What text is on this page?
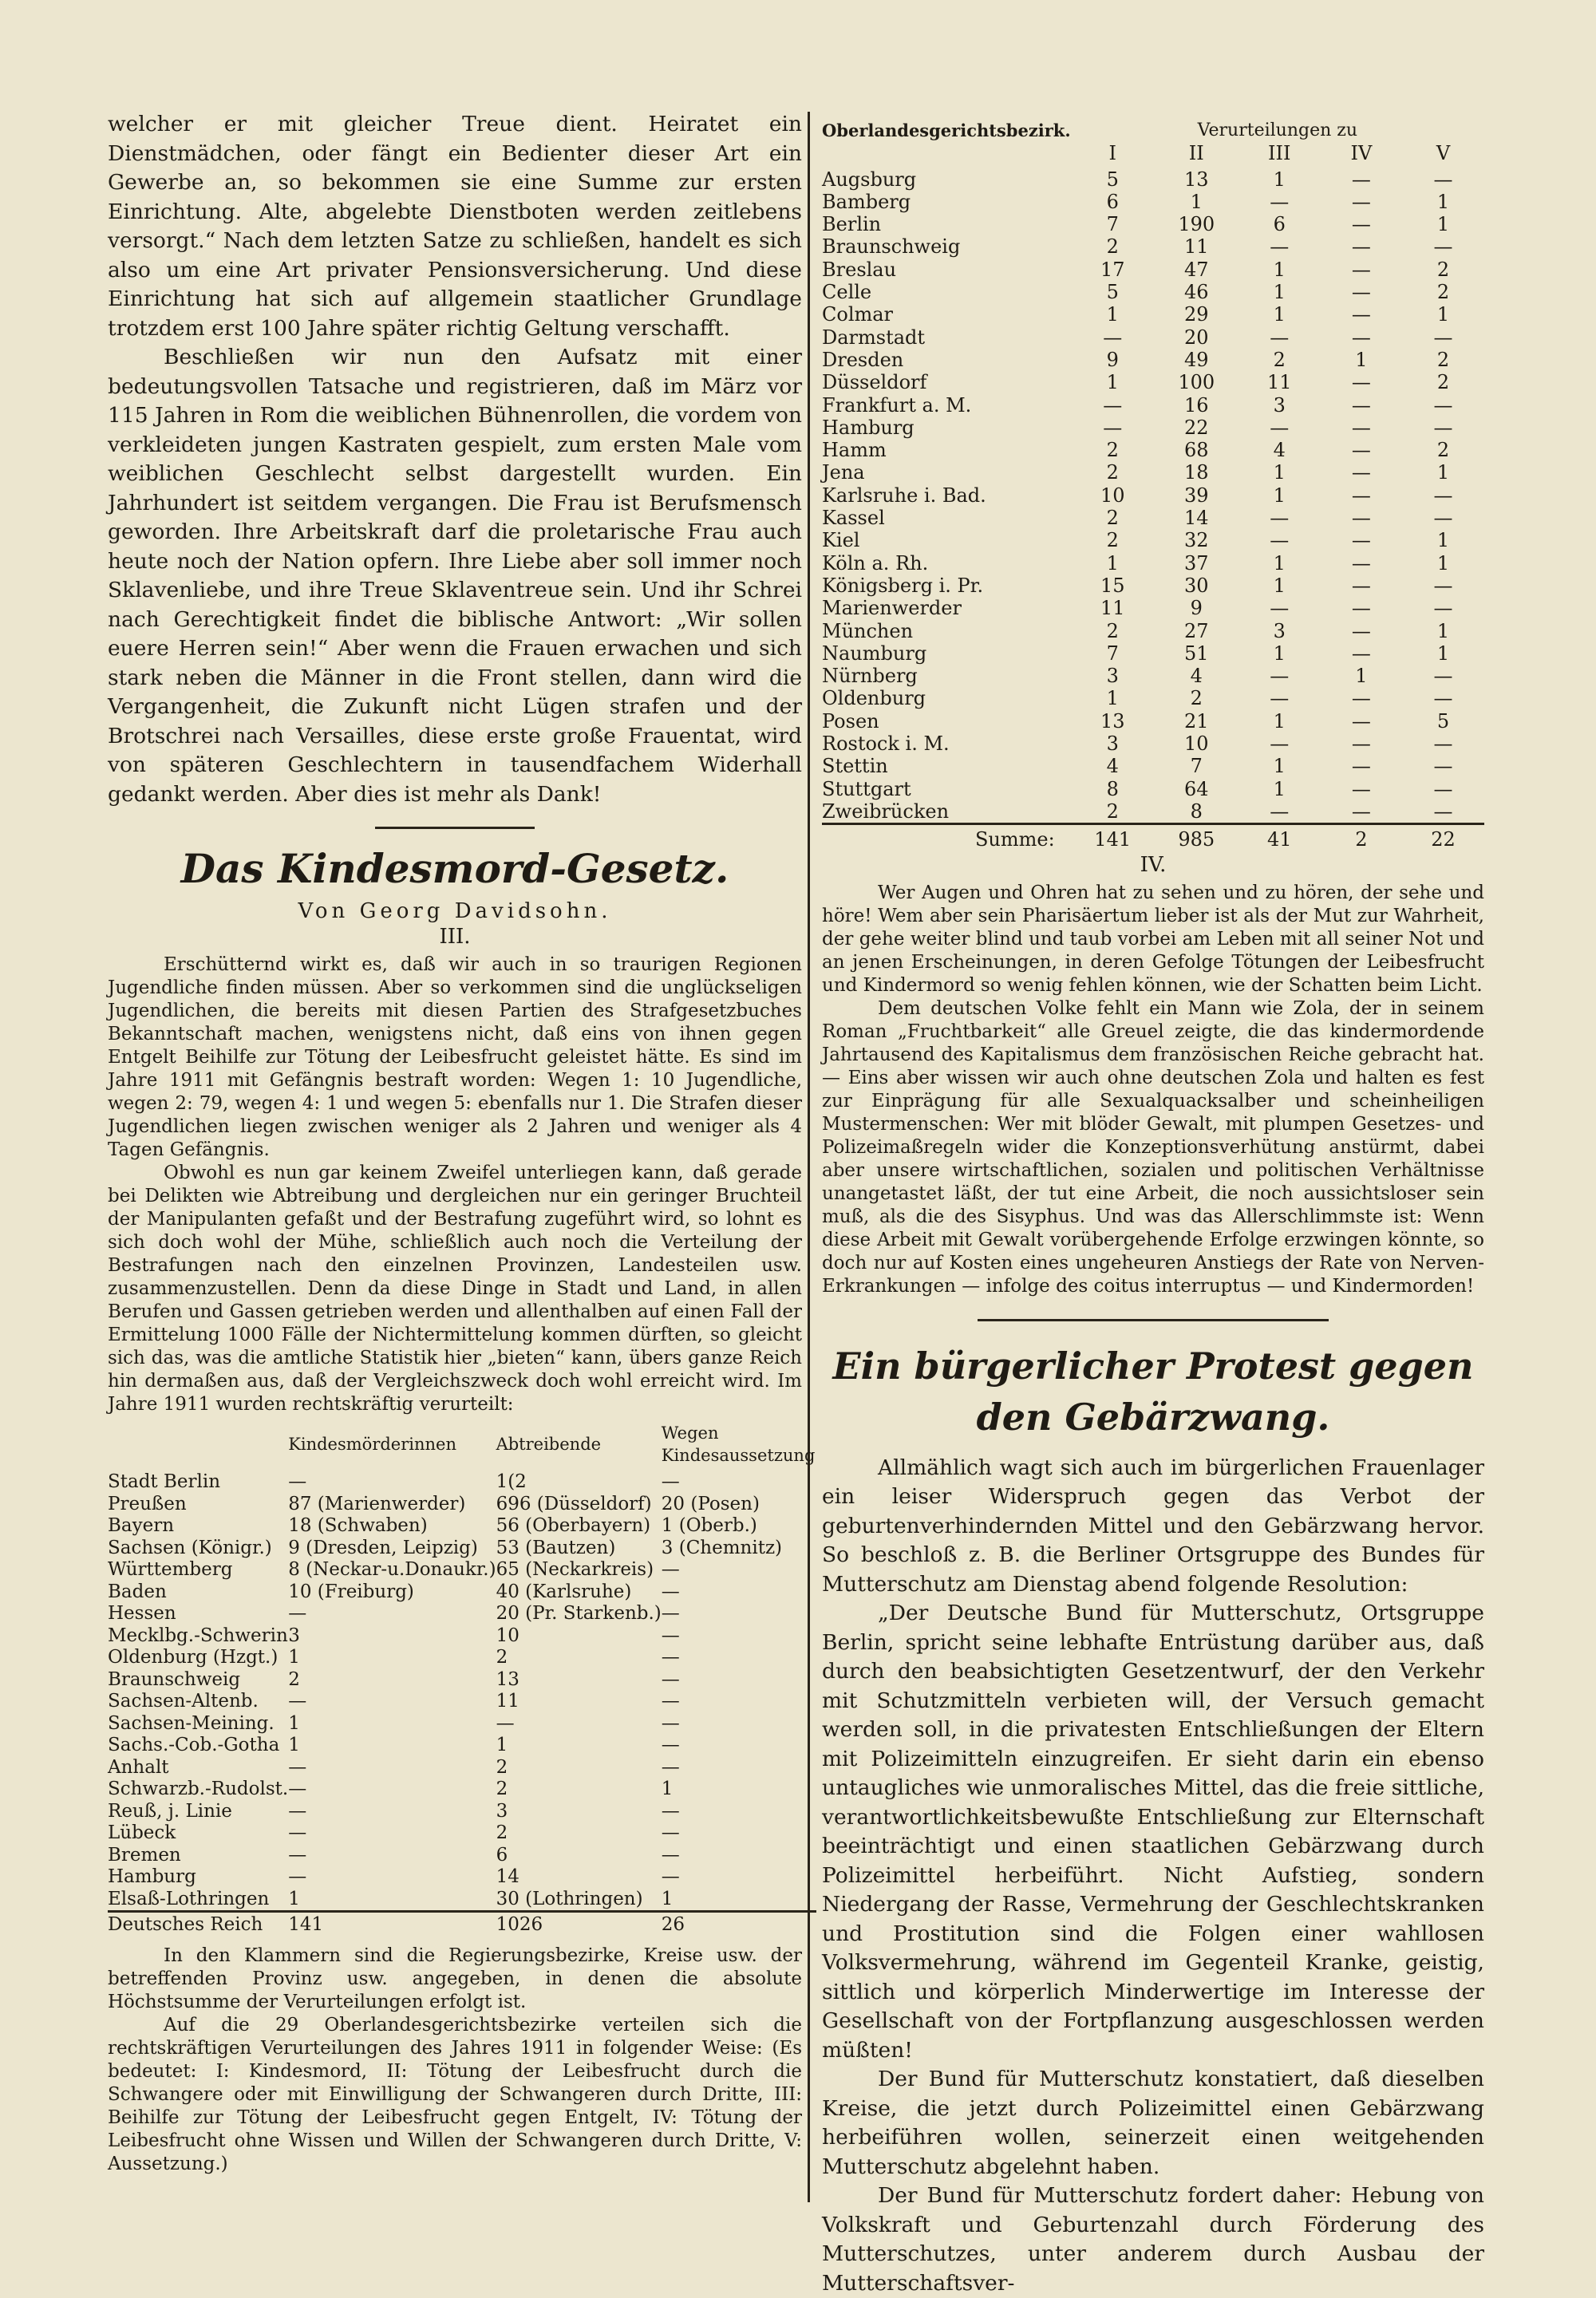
welcher er mit gleicher Treue dient. Heiratet ein Dienstmädchen, oder fängt ein Bedienter dieser Art ein Gewerbe an, so bekommen sie eine Summe zur ersten Einrichtung. Alte, abgelebte Dienstboten werden zeitlebens versorgt.“ Nach dem letzten Satze zu schließen, handelt es sich also um eine Art privater Pensionsversicherung. Und diese Einrichtung hat sich auf allgemein staatlicher Grundlage trotzdem erst 100 Jahre später richtig Geltung verschafft.

Beschließen wir nun den Aufsatz mit einer bedeutungsvollen Tatsache und registrieren, daß im März vor 115 Jahren in Rom die weiblichen Bühnenrollen, die vordem von verkleideten jungen Kastraten gespielt, zum ersten Male vom weiblichen Geschlecht selbst dargestellt wurden. Ein Jahrhundert ist seitdem vergangen. Die Frau ist Berufsmensch geworden. Ihre Arbeitskraft darf die proletarische Frau auch heute noch der Nation opfern. Ihre Liebe aber soll immer noch Sklavenliebe, und ihre Treue Sklaventreue sein. Und ihr Schrei nach Gerechtigkeit findet die biblische Antwort: „Wir sollen euere Herren sein!“ Aber wenn die Frauen erwachen und sich stark neben die Männer in die Front stellen, dann wird die Vergangenheit, die Zukunft nicht Lügen strafen und der Brotschrei nach Versailles, diese erste große Frauentat, wird von späteren Geschlechtern in tausendfachem Widerhall gedankt werden. Aber dies ist mehr als Dank!

Das Kindesmord-Gesetz.

Von Georg Davidsohn.

III.

Erschütternd wirkt es, daß wir auch in so traurigen Regionen Jugendliche finden müssen. Aber so verkommen sind die unglückseligen Jugendlichen, die bereits mit diesen Partien des Strafgesetzbuches Bekanntschaft machen, wenigstens nicht, daß eins von ihnen gegen Entgelt Beihilfe zur Tötung der Leibesfrucht geleistet hätte. Es sind im Jahre 1911 mit Gefängnis bestraft worden: Wegen 1: 10 Jugendliche, wegen 2: 79, wegen 4: 1 und wegen 5: ebenfalls nur 1. Die Strafen dieser Jugendlichen liegen zwischen weniger als 2 Jahren und weniger als 4 Tagen Gefängnis.

Obwohl es nun gar keinem Zweifel unterliegen kann, daß gerade bei Delikten wie Abtreibung und dergleichen nur ein geringer Bruchteil der Manipulanten gefaßt und der Bestrafung zugeführt wird, so lohnt es sich doch wohl der Mühe, schließlich auch noch die Verteilung der Bestrafungen nach den einzelnen Provinzen, Landesteilen usw. zusammenzustellen. Denn da diese Dinge in Stadt und Land, in allen Berufen und Gassen getrieben werden und allenthalben auf einen Fall der Ermittelung 1000 Fälle der Nichtermittelung kommen dürften, so gleicht sich das, was die amtliche Statistik hier „bieten“ kann, übers ganze Reich hin dermaßen aus, daß der Vergleichszweck doch wohl erreicht wird. Im Jahre 1911 wurden rechtskräftig verurteilt:

	Kindesmörderinnen	Abtreibende	Wegen Kindesaussetzung
Stadt Berlin	—	1(2	—
Preußen	87 (Marienwerder)	696 (Düsseldorf)	20 (Posen)
Bayern	18 (Schwaben)	56 (Oberbayern)	1 (Oberb.)
Sachsen (Königr.)	9 (Dresden, Leipzig)	53 (Bautzen)	3 (Chemnitz)
Württemberg	8 (Neckar-u.Donaukr.)	65 (Neckarkreis)	—
Baden	10 (Freiburg)	40 (Karlsruhe)	—
Hessen	—	20 (Pr. Starkenb.)	—
Mecklbg.-Schwerin	3	10	—
Oldenburg (Hzgt.)	1	2	—
Braunschweig	2	13	—
Sachsen-Altenb.	—	11	—
Sachsen-Meining.	1	—	—
Sachs.-Cob.-Gotha	1	1	—
Anhalt	—	2	—
Schwarzb.-Rudolst.	—	2	1
Reuß, j. Linie	—	3	—
Lübeck	—	2	—
Bremen	—	6	—
Hamburg	—	14	—
Elsaß-Lothringen	1	30 (Lothringen)	1
Deutsches Reich	141	1026	26

In den Klammern sind die Regierungsbezirke, Kreise usw. der betreffenden Provinz usw. angegeben, in denen die absolute Höchstsumme der Verurteilungen erfolgt ist.

Auf die 29 Oberlandesgerichtsbezirke verteilen sich die rechtskräftigen Verurteilungen des Jahres 1911 in folgender Weise: (Es bedeutet: I: Kindesmord, II: Tötung der Leibesfrucht durch die Schwangere oder mit Einwilligung der Schwangeren durch Dritte, III: Beihilfe zur Tötung der Leibesfrucht gegen Entgelt, IV: Tötung der Leibesfrucht ohne Wissen und Willen der Schwangeren durch Dritte, V: Aussetzung.)

Oberlandesgerichtsbezirk.	Verurteilungen zu				
	I	II	III	IV	V
Augsburg	5	13	1	—	—
Bamberg	6	1	—	—	1
Berlin	7	190	6	—	1
Braunschweig	2	11	—	—	—
Breslau	17	47	1	—	2
Celle	5	46	1	—	2
Colmar	1	29	1	—	1
Darmstadt	—	20	—	—	—
Dresden	9	49	2	1	2
Düsseldorf	1	100	11	—	2
Frankfurt a. M.	—	16	3	—	—
Hamburg	—	22	—	—	—
Hamm	2	68	4	—	2
Jena	2	18	1	—	1
Karlsruhe i. Bad.	10	39	1	—	—
Kassel	2	14	—	—	—
Kiel	2	32	—	—	1
Köln a. Rh.	1	37	1	—	1
Königsberg i. Pr.	15	30	1	—	—
Marienwerder	11	9	—	—	—
München	2	27	3	—	1
Naumburg	7	51	1	—	1
Nürnberg	3	4	—	1	—
Oldenburg	1	2	—	—	—
Posen	13	21	1	—	5
Rostock i. M.	3	10	—	—	—
Stettin	4	7	1	—	—
Stuttgart	8	64	1	—	—
Zweibrücken	2	8	—	—	—
Summe:	141	985	41	2	22

IV.

Wer Augen und Ohren hat zu sehen und zu hören, der sehe und höre! Wem aber sein Pharisäertum lieber ist als der Mut zur Wahrheit, der gehe weiter blind und taub vorbei am Leben mit all seiner Not und an jenen Erscheinungen, in deren Gefolge Tötungen der Leibesfrucht und Kindermord so wenig fehlen können, wie der Schatten beim Licht.

Dem deutschen Volke fehlt ein Mann wie Zola, der in seinem Roman „Fruchtbarkeit“ alle Greuel zeigte, die das kindermordende Jahrtausend des Kapitalismus dem französischen Reiche gebracht hat. — Eins aber wissen wir auch ohne deutschen Zola und halten es fest zur Einprägung für alle Sexualquacksalber und scheinheiligen Mustermenschen: Wer mit blöder Gewalt, mit plumpen Gesetzes- und Polizeimaßregeln wider die Konzeptionsverhütung anstürmt, dabei aber unsere wirtschaftlichen, sozialen und politischen Verhältnisse unangetastet läßt, der tut eine Arbeit, die noch aussichtsloser sein muß, als die des Sisyphus. Und was das Allerschlimmste ist: Wenn diese Arbeit mit Gewalt vorübergehende Erfolge erzwingen könnte, so doch nur auf Kosten eines ungeheuren Anstiegs der Rate von Nerven-Erkrankungen — infolge des coitus interruptus — und Kindermorden!

Ein bürgerlicher Protest gegen den Gebärzwang.

Allmählich wagt sich auch im bürgerlichen Frauenlager ein leiser Widerspruch gegen das Verbot der geburtenverhindernden Mittel und den Gebärzwang hervor. So beschloß z. B. die Berliner Ortsgruppe des Bundes für Mutterschutz am Dienstag abend folgende Resolution:

„Der Deutsche Bund für Mutterschutz, Ortsgruppe Berlin, spricht seine lebhafte Entrüstung darüber aus, daß durch den beabsichtigten Gesetzentwurf, der den Verkehr mit Schutzmitteln verbieten will, der Versuch gemacht werden soll, in die privatesten Entschließungen der Eltern mit Polizeimitteln einzugreifen. Er sieht darin ein ebenso untaugliches wie unmoralisches Mittel, das die freie sittliche, verantwortlichkeitsbewußte Entschließung zur Elternschaft beeinträchtigt und einen staatlichen Gebärzwang durch Polizeimittel herbeiführt. Nicht Aufstieg, sondern Niedergang der Rasse, Vermehrung der Geschlechtskranken und Prostitution sind die Folgen einer wahllosen Volksvermehrung, während im Gegenteil Kranke, geistig, sittlich und körperlich Minderwertige im Interesse der Gesellschaft von der Fortpflanzung ausgeschlossen werden müßten!

Der Bund für Mutterschutz konstatiert, daß dieselben Kreise, die jetzt durch Polizeimittel einen Gebärzwang herbeiführen wollen, seinerzeit einen weitgehenden Mutterschutz abgelehnt haben.

Der Bund für Mutterschutz fordert daher: Hebung von Volkskraft und Geburtenzahl durch Förderung des Mutterschutzes, unter anderem durch Ausbau der Mutterschaftsver-
